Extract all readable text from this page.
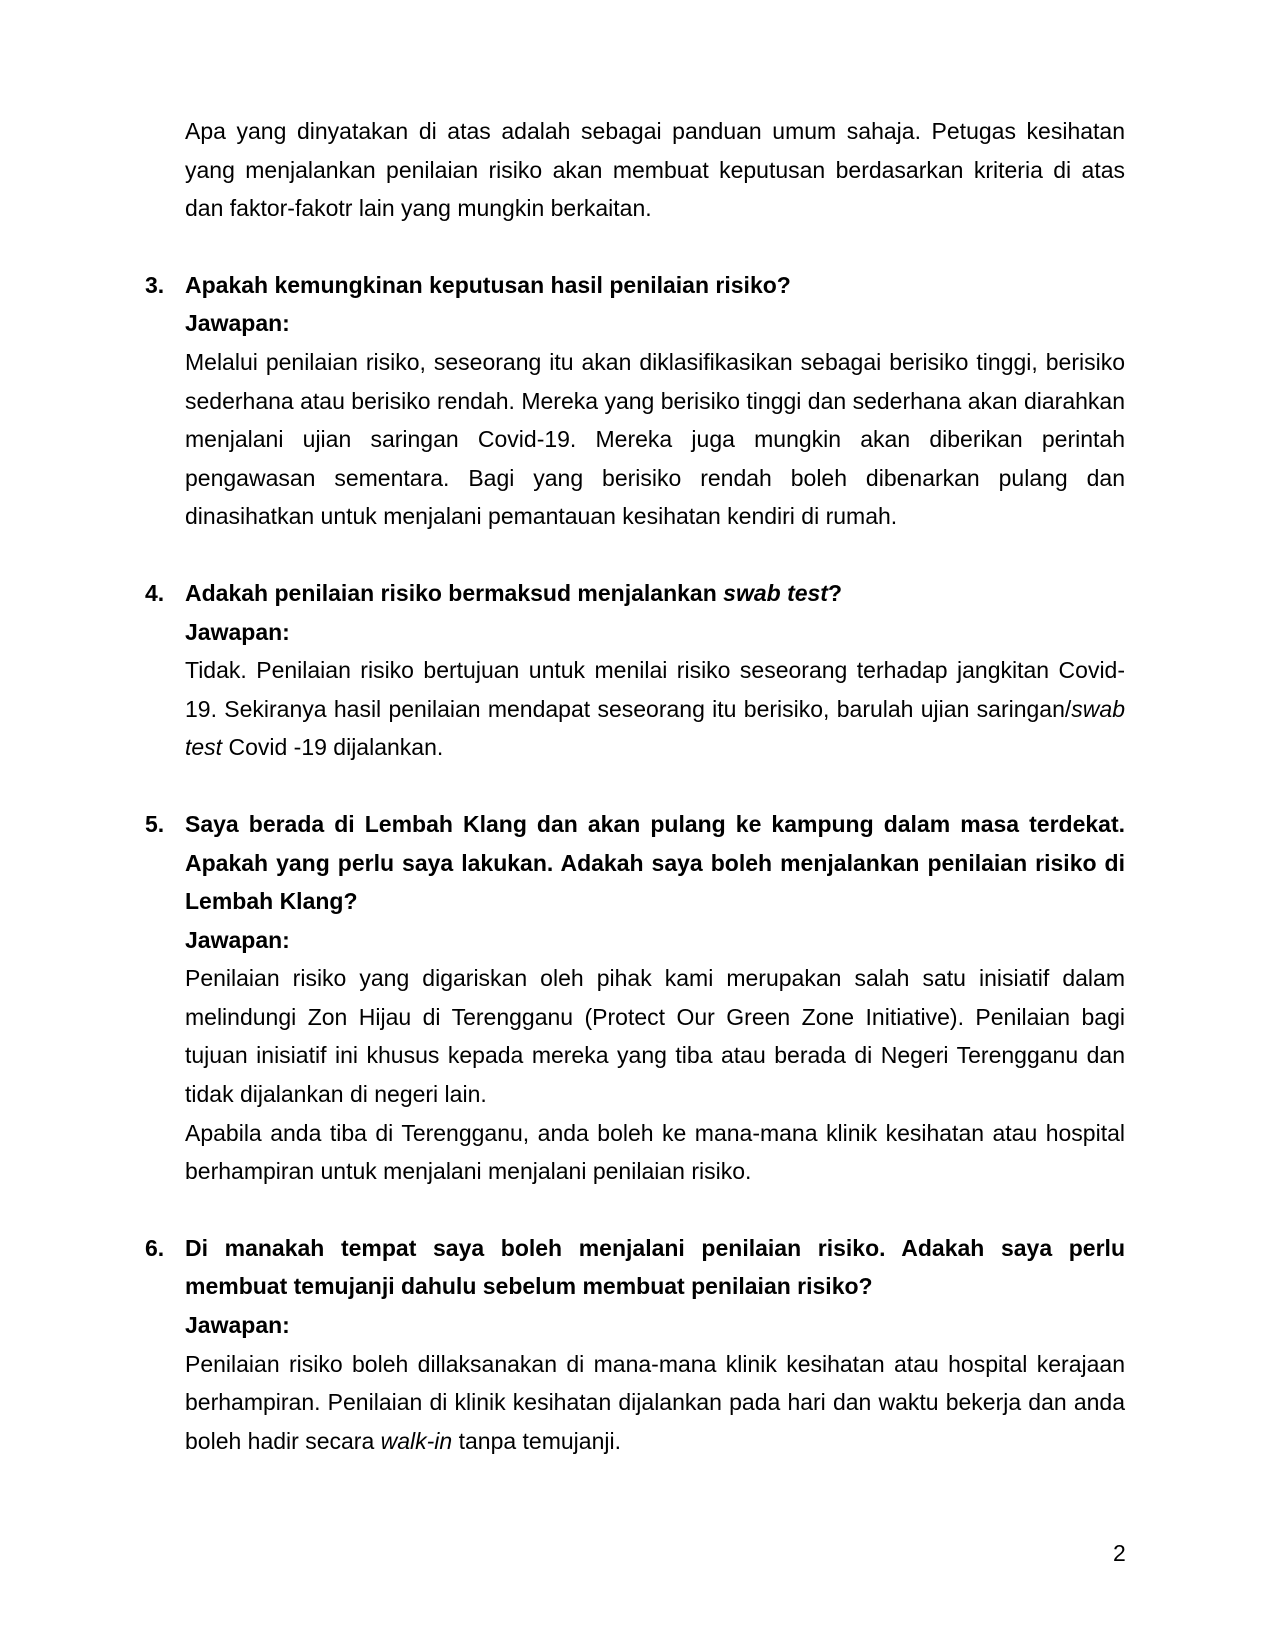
Apa yang dinyatakan di atas adalah sebagai panduan umum sahaja. Petugas kesihatan yang menjalankan penilaian risiko akan membuat keputusan berdasarkan kriteria di atas dan faktor-fakotr lain yang mungkin berkaitan.

3. Apakah kemungkinan keputusan hasil penilaian risiko?

Jawapan:

Melalui penilaian risiko, seseorang itu akan diklasifikasikan sebagai berisiko tinggi, berisiko sederhana atau berisiko rendah. Mereka yang berisiko tinggi dan sederhana akan diarahkan menjalani ujian saringan Covid-19. Mereka juga mungkin akan diberikan perintah pengawasan sementara. Bagi yang berisiko rendah boleh dibenarkan pulang dan dinasihatkan untuk menjalani pemantauan kesihatan kendiri di rumah.

4. Adakah penilaian risiko bermaksud menjalankan swab test?

Jawapan:

Tidak. Penilaian risiko bertujuan untuk menilai risiko seseorang terhadap jangkitan Covid-19. Sekiranya hasil penilaian mendapat seseorang itu berisiko, barulah ujian saringan/swab test Covid -19 dijalankan.

5. Saya berada di Lembah Klang dan akan pulang ke kampung dalam masa terdekat. Apakah yang perlu saya lakukan. Adakah saya boleh menjalankan penilaian risiko di Lembah Klang?

Jawapan:

Penilaian risiko yang digariskan oleh pihak kami merupakan salah satu inisiatif dalam melindungi Zon Hijau di Terengganu (Protect Our Green Zone Initiative). Penilaian bagi tujuan inisiatif ini khusus kepada mereka yang tiba atau berada di Negeri Terengganu dan tidak dijalankan di negeri lain.

Apabila anda tiba di Terengganu, anda boleh ke mana-mana klinik kesihatan atau hospital berhampiran untuk menjalani menjalani penilaian risiko.

6. Di manakah tempat saya boleh menjalani penilaian risiko. Adakah saya perlu membuat temujanji dahulu sebelum membuat penilaian risiko?

Jawapan:

Penilaian risiko boleh dillaksanakan di mana-mana klinik kesihatan atau hospital kerajaan berhampiran. Penilaian di klinik kesihatan dijalankan pada hari dan waktu bekerja dan anda boleh hadir secara walk-in tanpa temujanji.

2
